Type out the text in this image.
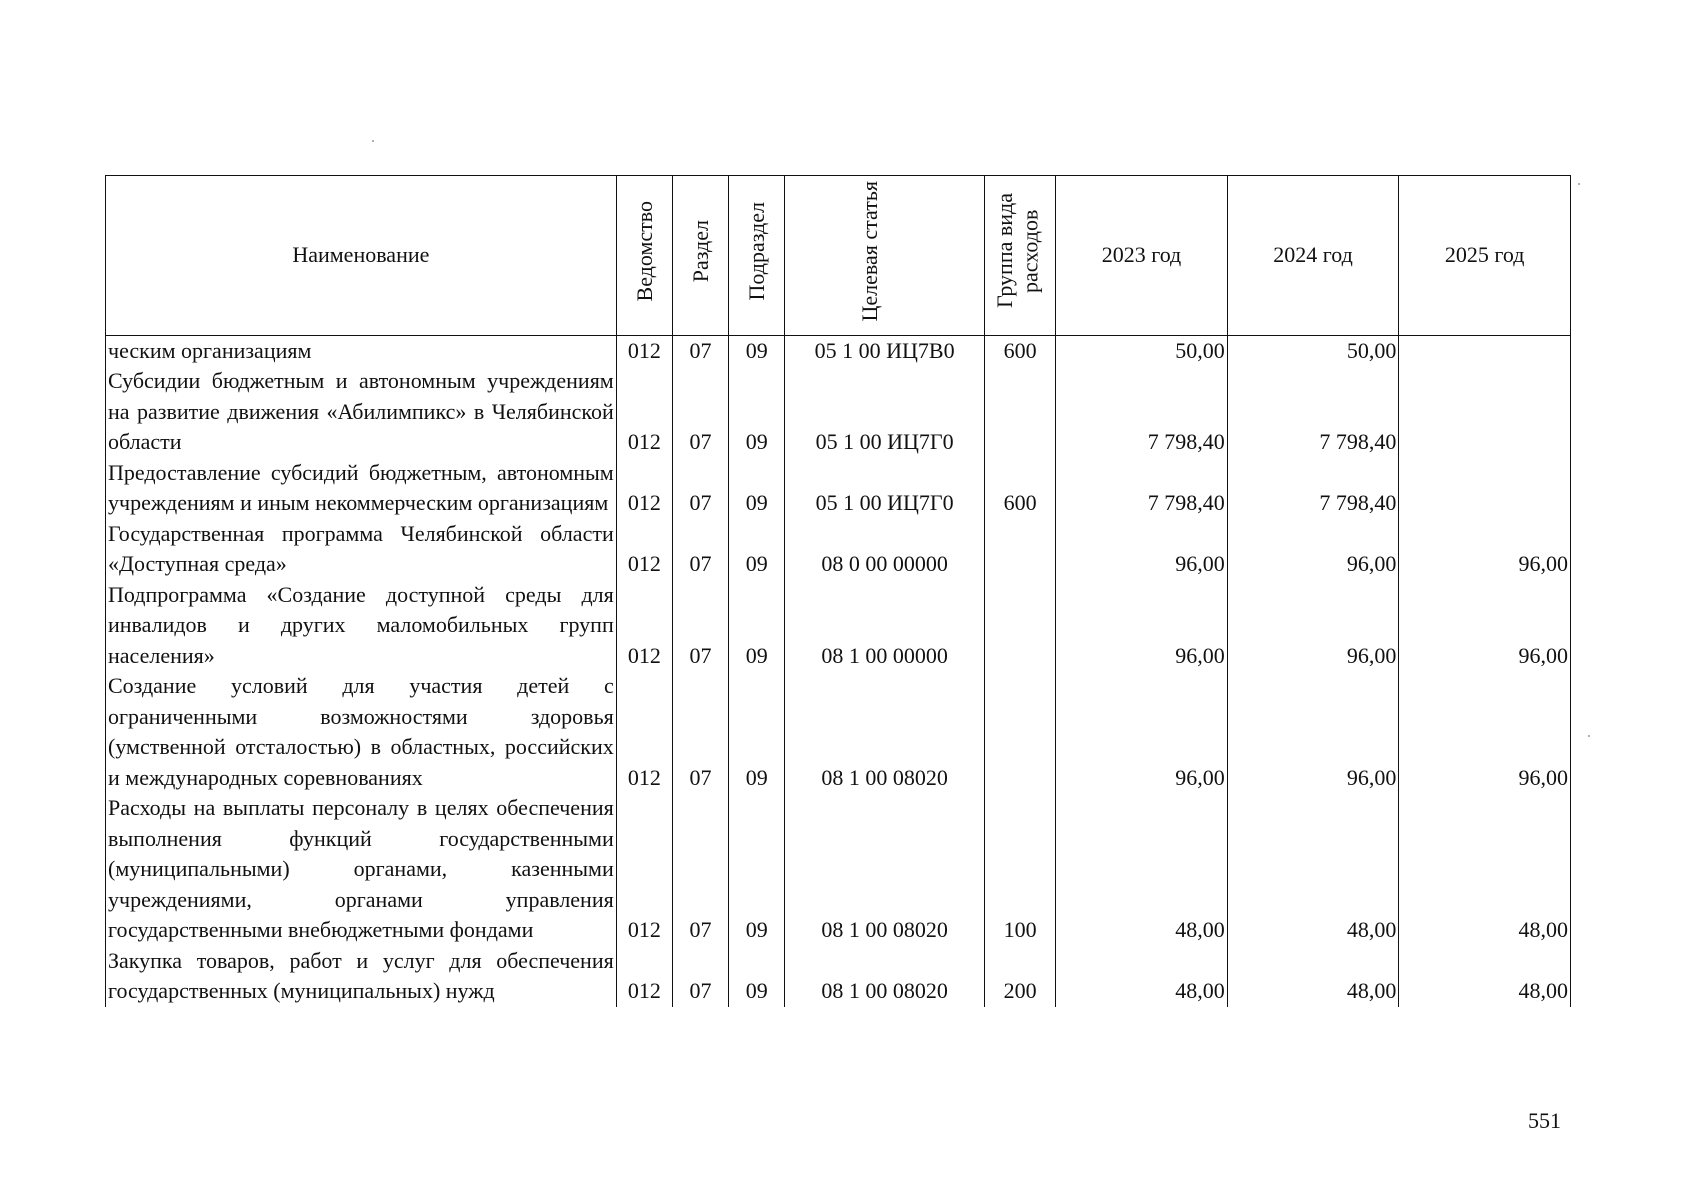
Наименование	Ведомство	Раздел	Подраздел	Целевая статья	Группа вида расходов	2023 год	2024 год	2025 год
ческим организациям	012	07	09	05 1 00 ИЦ7В0	600	50,00	50,00	
Субсидии бюджетным и автономным учреждениям на развитие движения «Абилимпикс» в Челябинской области	012	07	09	05 1 00 ИЦ7Г0		7 798,40	7 798,40	
Предоставление субсидий бюджетным, автономным учреждениям и иным некоммерческим организациям	012	07	09	05 1 00 ИЦ7Г0	600	7 798,40	7 798,40	
Государственная программа Челябинской области «Доступная среда»	012	07	09	08 0 00 00000		96,00	96,00	96,00
Подпрограмма «Создание доступной среды для инвалидов и других маломобильных групп населения»	012	07	09	08 1 00 00000		96,00	96,00	96,00
Создание условий для участия детей с ограниченными возможностями здоровья (умственной отсталостью) в областных, российских и международных соревнованиях	012	07	09	08 1 00 08020		96,00	96,00	96,00
Расходы на выплаты персоналу в целях обеспечения выполнения функций государственными (муниципальными) органами, казенными учреждениями, органами управления государственными внебюджетными фондами	012	07	09	08 1 00 08020	100	48,00	48,00	48,00
Закупка товаров, работ и услуг для обеспечения государственных (муниципальных) нужд	012	07	09	08 1 00 08020	200	48,00	48,00	48,00
551
